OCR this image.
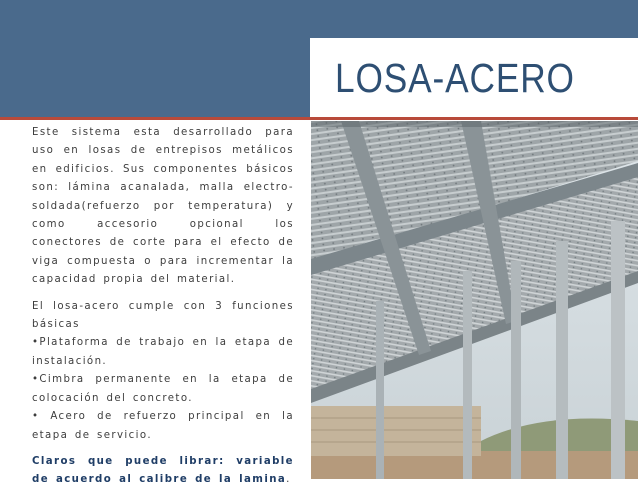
LOSA-ACERO

Este sistema esta desarrollado para uso en losas de entrepisos metálicos en edificios. Sus componentes básicos son: lámina acanalada, malla electro-soldada(refuerzo por temperatura) y como accesorio opcional los conectores de corte para el efecto de viga compuesta o para incrementar la capacidad propia del material.

El losa-acero cumple con 3 funciones básicas

•Plataforma de trabajo en la etapa de instalación.
•Cimbra permanente en la etapa de colocación del concreto.
• Acero de refuerzo principal en la etapa de servicio.

Claros que puede librar: variable de acuerdo al calibre de la lamina.
